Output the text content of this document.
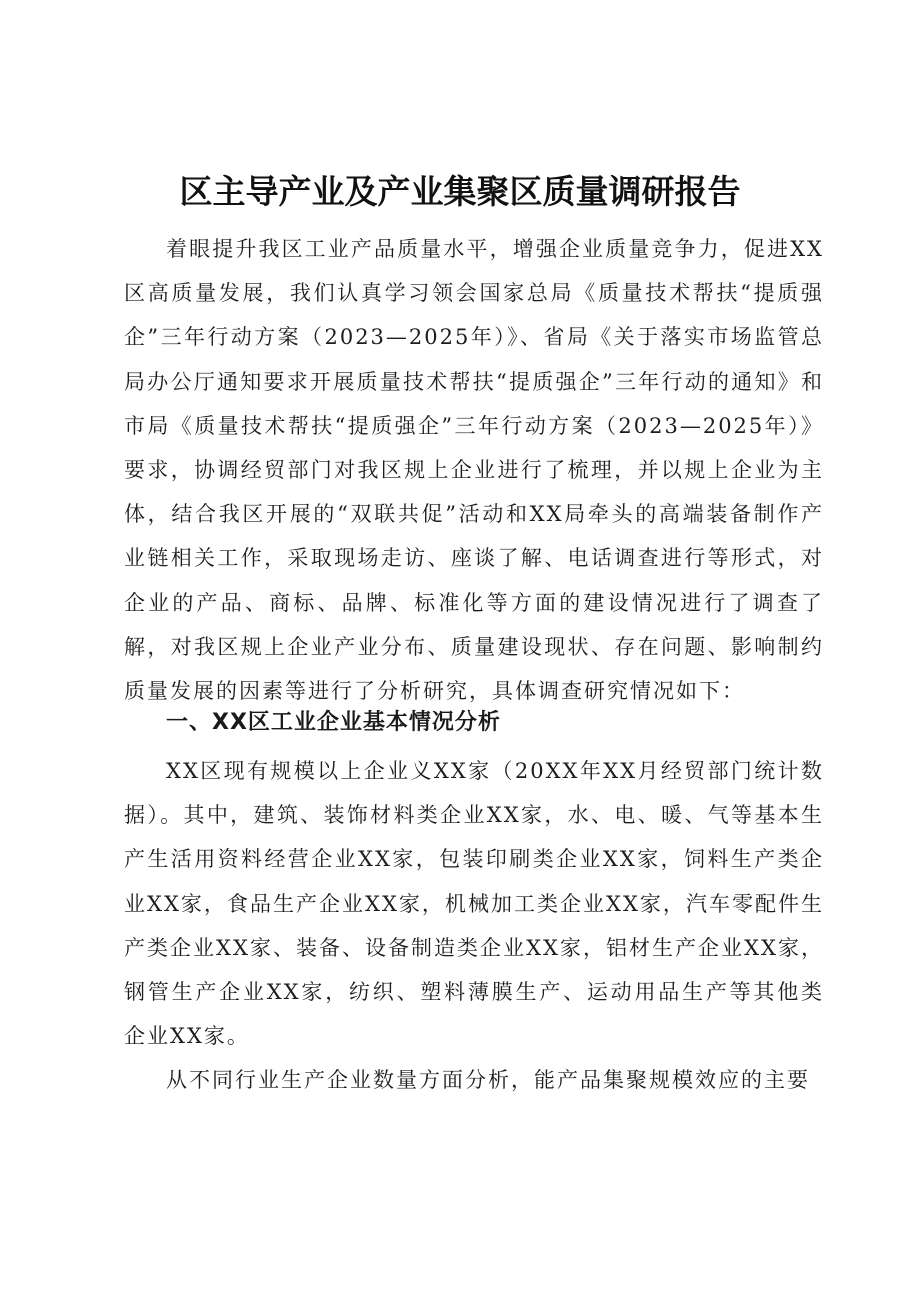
区主导产业及产业集聚区质量调研报告

着眼提升我区工业产品质量水平，增强企业质量竞争力，促进XX区高质量发展，我们认真学习领会国家总局《质量技术帮扶“提质强企”三年行动方案（2023—2025年）》、省局《关于落实市场监管总局办公厅通知要求开展质量技术帮扶“提质强企”三年行动的通知》和市局《质量技术帮扶“提质强企”三年行动方案（2023—2025年）》要求，协调经贸部门对我区规上企业进行了梳理，并以规上企业为主体，结合我区开展的“双联共促”活动和XX局牵头的高端装备制作产业链相关工作，采取现场走访、座谈了解、电话调查进行等形式，对企业的产品、商标、品牌、标准化等方面的建设情况进行了调查了解，对我区规上企业产业分布、质量建设现状、存在问题、影响制约质量发展的因素等进行了分析研究，具体调查研究情况如下：

一、XX区工业企业基本情况分析

XX区现有规模以上企业义XX家（20XX年XX月经贸部门统计数据）。其中，建筑、装饰材料类企业XX家，水、电、暖、气等基本生产生活用资料经营企业XX家，包装印刷类企业XX家，饲料生产类企业XX家，食品生产企业XX家，机械加工类企业XX家，汽车零配件生产类企业XX家、装备、设备制造类企业XX家，铝材生产企业XX家，钢管生产企业XX家，纺织、塑料薄膜生产、运动用品生产等其他类企业XX家。

从不同行业生产企业数量方面分析，能产品集聚规模效应的主要
